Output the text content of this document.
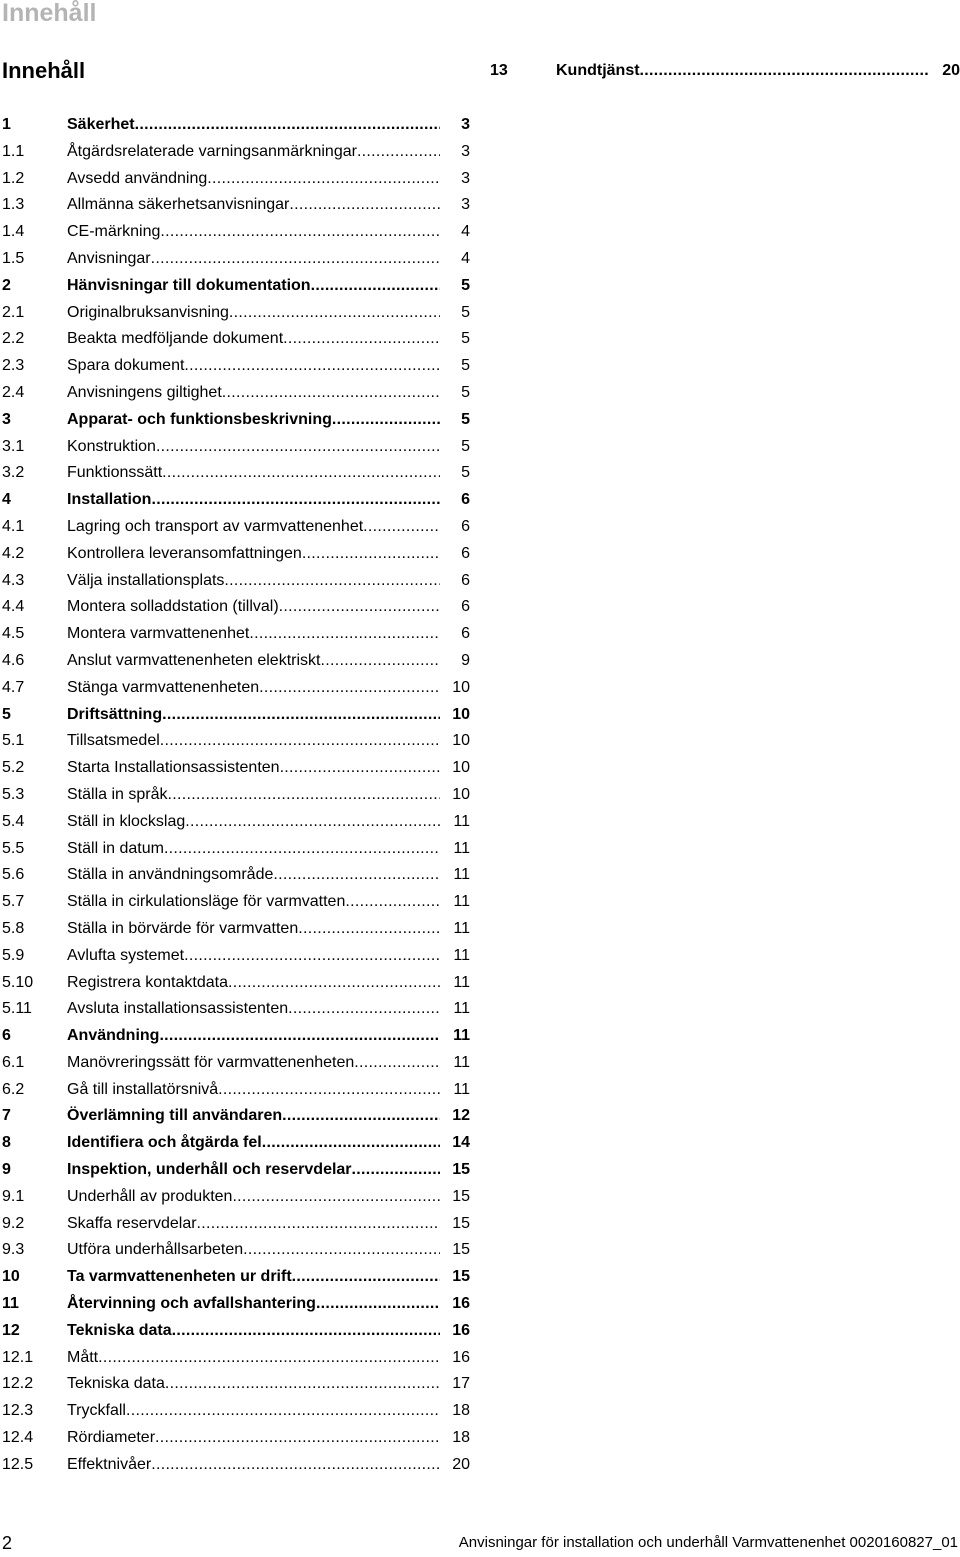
Innehåll
Innehåll
1	Säkerhet .....	3
1.1	Åtgärdsrelaterade varningsanmärkningar .....	3
1.2	Avsedd användning .....	3
1.3	Allmänna säkerhetsanvisningar .....	3
1.4	CE-märkning .....	4
1.5	Anvisningar .....	4
2	Hänvisningar till dokumentation .....	5
2.1	Originalbruksanvisning .....	5
2.2	Beakta medföljande dokument .....	5
2.3	Spara dokument .....	5
2.4	Anvisningens giltighet .....	5
3	Apparat- och funktionsbeskrivning .....	5
3.1	Konstruktion .....	5
3.2	Funktionssätt .....	5
4	Installation .....	6
4.1	Lagring och transport av varmvattenenhet .....	6
4.2	Kontrollera leveransomfattningen .....	6
4.3	Välja installationsplats .....	6
4.4	Montera solladdstation (tillval) .....	6
4.5	Montera varmvattenenhet .....	6
4.6	Anslut varmvattenenheten elektriskt .....	9
4.7	Stänga varmvattenenheten .....	10
5	Driftsättning .....	10
5.1	Tillsatsmedel .....	10
5.2	Starta Installationsassistenten .....	10
5.3	Ställa in språk .....	10
5.4	Ställ in klockslag .....	11
5.5	Ställ in datum .....	11
5.6	Ställa in användningsområde .....	11
5.7	Ställa in cirkulationsläge för varmvatten .....	11
5.8	Ställa in börvärde för varmvatten .....	11
5.9	Avlufta systemet .....	11
5.10	Registrera kontaktdata .....	11
5.11	Avsluta installationsassistenten .....	11
6	Användning .....	11
6.1	Manövreringssätt för varmvattenenheten .....	11
6.2	Gå till installatörsnivå .....	11
7	Överlämning till användaren .....	12
8	Identifiera och åtgärda fel .....	14
9	Inspektion, underhåll och reservdelar .....	15
9.1	Underhåll av produkten .....	15
9.2	Skaffa reservdelar .....	15
9.3	Utföra underhållsarbeten .....	15
10	Ta varmvattenenheten ur drift .....	15
11	Återvinning och avfallshantering .....	16
12	Tekniska data .....	16
12.1	Mått .....	16
12.2	Tekniska data .....	17
12.3	Tryckfall .....	18
12.4	Rördiameter .....	18
12.5	Effektnivåer .....	20
13	Kundtjänst .....	20
2	Anvisningar för installation och underhåll Varmvattenenhet 0020160827_01
